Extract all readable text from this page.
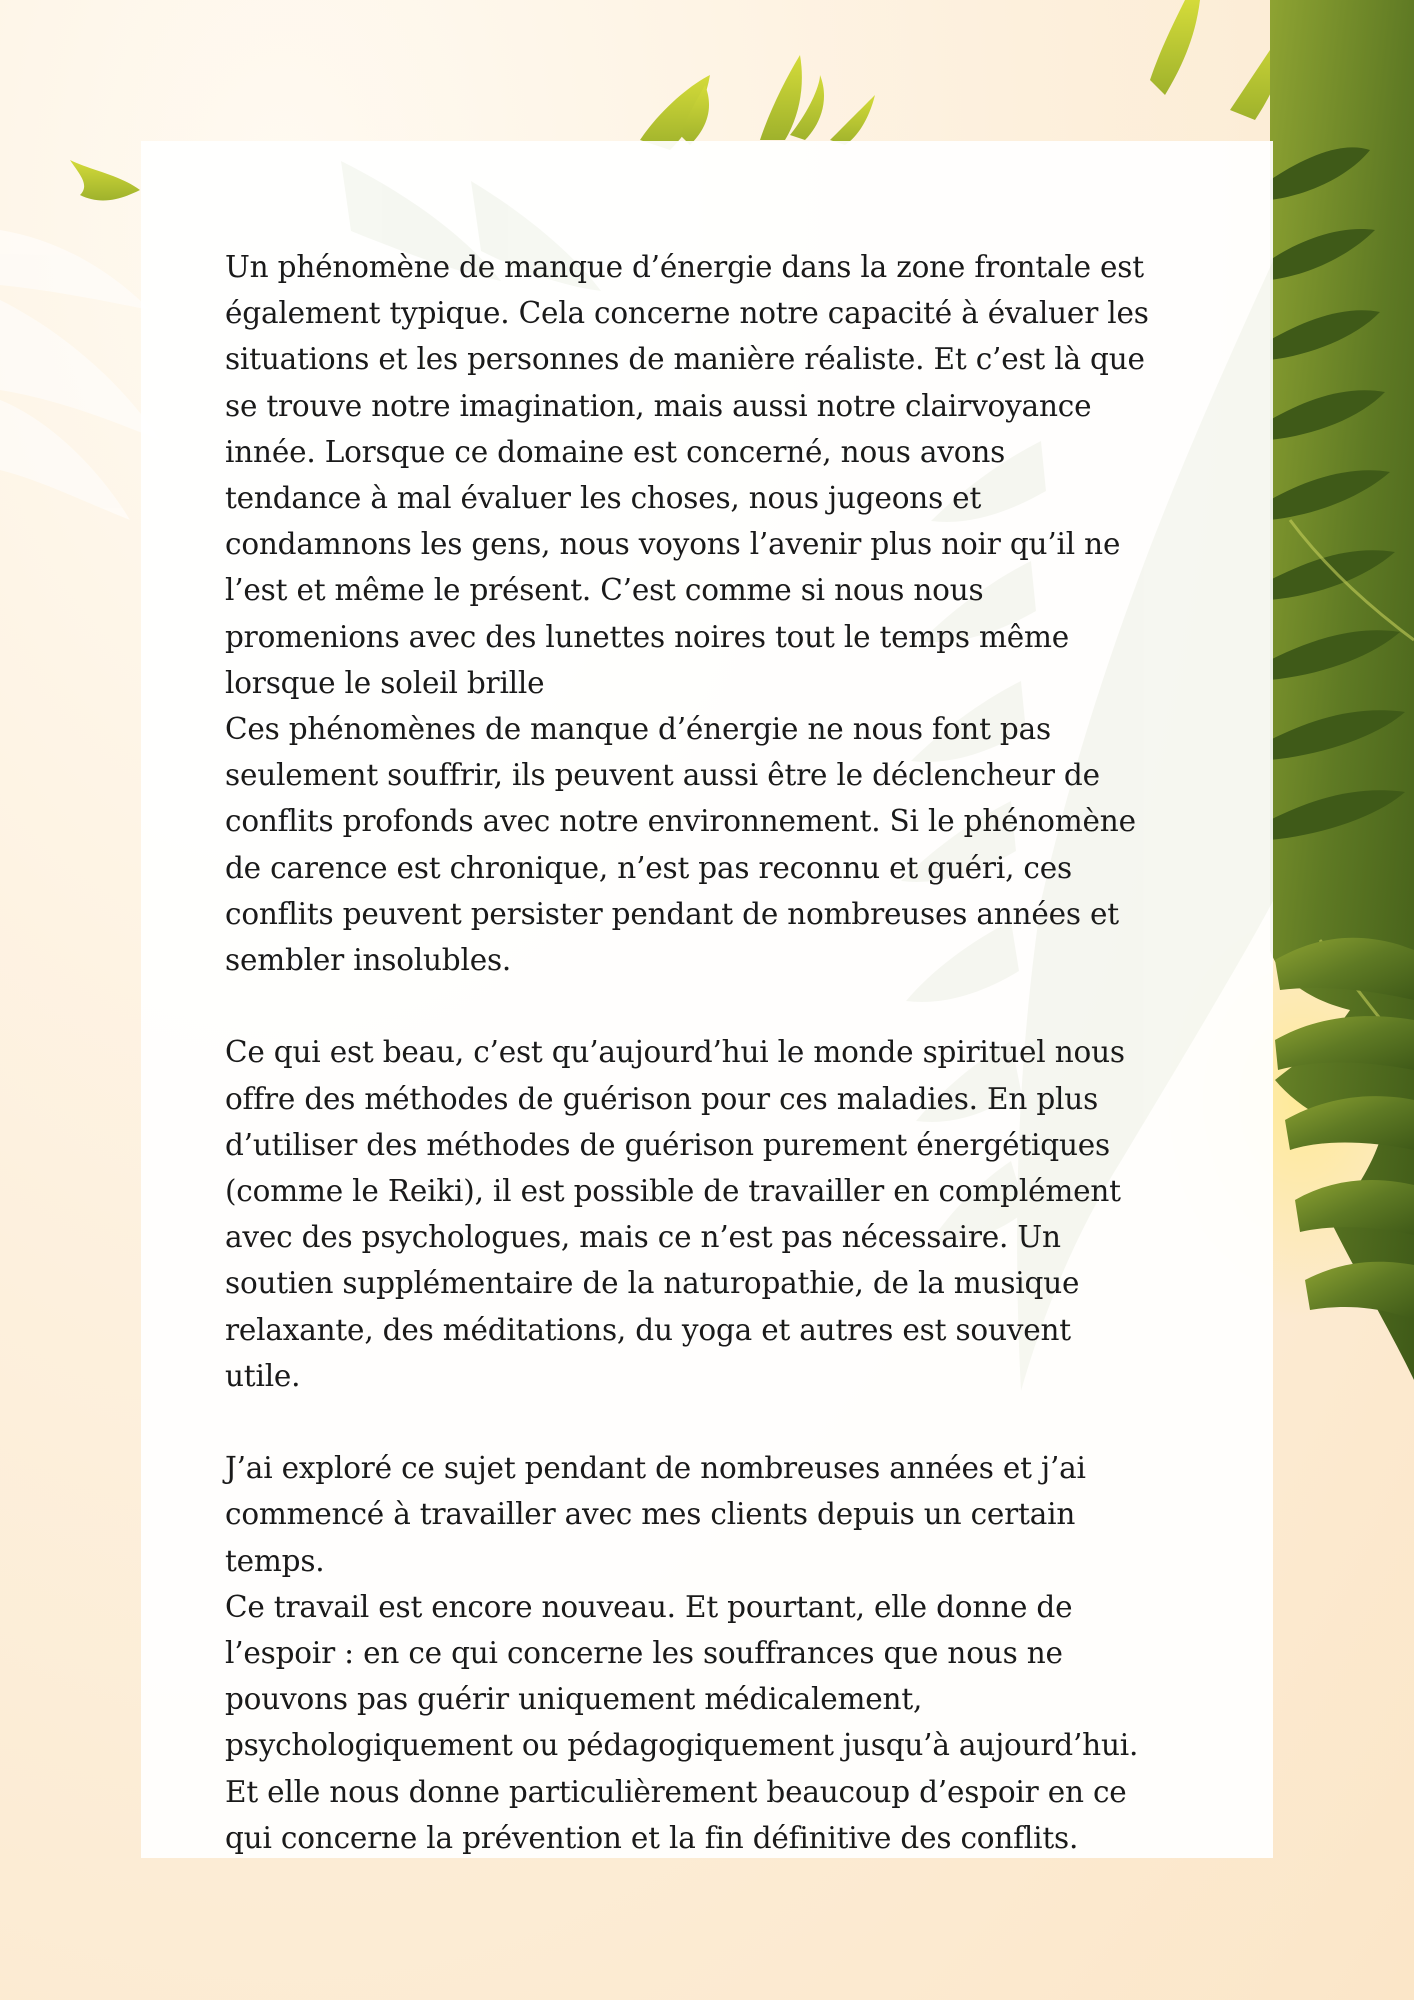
Un phénomène de manque d’énergie dans la zone frontale est
également typique. Cela concerne notre capacité à évaluer les
situations et les personnes de manière réaliste. Et c’est là que
se trouve notre imagination, mais aussi notre clairvoyance
innée. Lorsque ce domaine est concerné, nous avons
tendance à mal évaluer les choses, nous jugeons et
condamnons les gens, nous voyons l’avenir plus noir qu’il ne
l’est et même le présent. C’est comme si nous nous
promenions avec des lunettes noires tout le temps même
lorsque le soleil brille

Ces phénomènes de manque d’énergie ne nous font pas
seulement souffrir, ils peuvent aussi être le déclencheur de
conflits profonds avec notre environnement. Si le phénomène
de carence est chronique, n’est pas reconnu et guéri, ces
conflits peuvent persister pendant de nombreuses années et
sembler insolubles.

Ce qui est beau, c’est qu’aujourd’hui le monde spirituel nous
offre des méthodes de guérison pour ces maladies. En plus
d’utiliser des méthodes de guérison purement énergétiques
(comme le Reiki), il est possible de travailler en complément
avec des psychologues, mais ce n’est pas nécessaire. Un
soutien supplémentaire de la naturopathie, de la musique
relaxante, des méditations, du yoga et autres est souvent
utile.

J’ai exploré ce sujet pendant de nombreuses années et j’ai
commencé à travailler avec mes clients depuis un certain
temps.

Ce travail est encore nouveau. Et pourtant, elle donne de
l’espoir : en ce qui concerne les souffrances que nous ne
pouvons pas guérir uniquement médicalement,
psychologiquement ou pédagogiquement jusqu’à aujourd’hui.
Et elle nous donne particulièrement beaucoup d’espoir en ce
qui concerne la prévention et la fin définitive des conflits.
